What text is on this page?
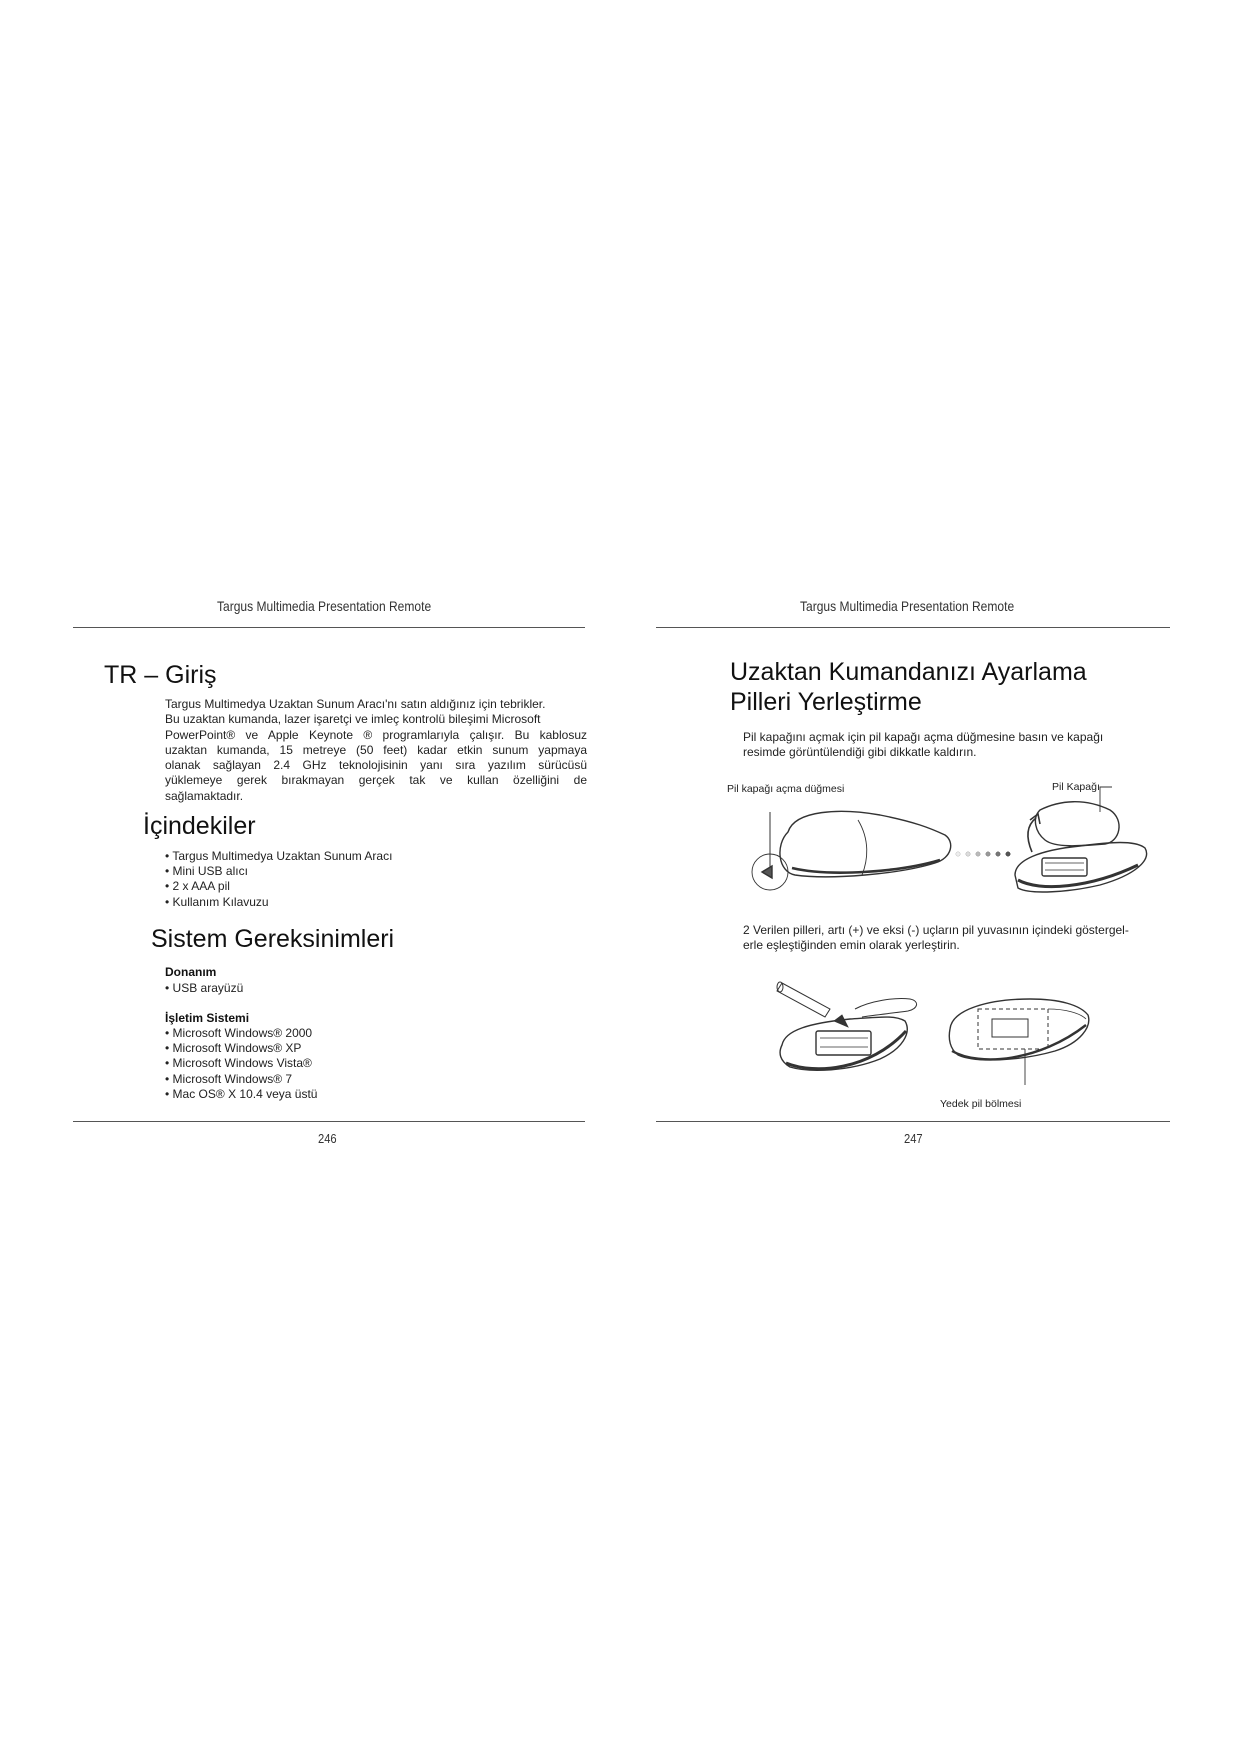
Targus Multimedia Presentation Remote
TR – Giriş
Targus Multimedya Uzaktan Sunum Aracı'nı satın aldığınız için tebrikler.
Bu uzaktan kumanda, lazer işaretçi ve imleç kontrolü bileşimi Microsoft
PowerPoint® ve Apple Keynote ® programlarıyla çalışır. Bu kablosuz
uzaktan kumanda, 15 metreye (50 feet) kadar etkin sunum yapmaya
olanak sağlayan 2.4 GHz teknolojisinin yanı sıra yazılım sürücüsü
yüklemeye gerek bırakmayan gerçek tak ve kullan özelliğini de
sağlamaktadır.
İçindekiler
• Targus Multimedya Uzaktan Sunum Aracı
• Mini USB alıcı
• 2 x AAA pil
• Kullanım Kılavuzu
Sistem Gereksinimleri
Donanım
• USB arayüzü
İşletim Sistemi
• Microsoft Windows® 2000
• Microsoft Windows® XP
• Microsoft Windows Vista®
• Microsoft Windows® 7
• Mac OS® X 10.4 veya üstü
246
Targus Multimedia Presentation Remote
Uzaktan Kumandanızı Ayarlama
Pilleri Yerleştirme
Pil kapağını açmak için pil kapağı açma düğmesine basın ve kapağı
resimde görüntülendiği gibi dikkatle kaldırın.
Pil kapağı açma düğmesi	Pil Kapağı
2 Verilen pilleri, artı (+) ve eksi (-) uçların pil yuvasının içindeki göstergel-
erle eşleştiğinden emin olarak yerleştirin.
Yedek pil bölmesi
247
